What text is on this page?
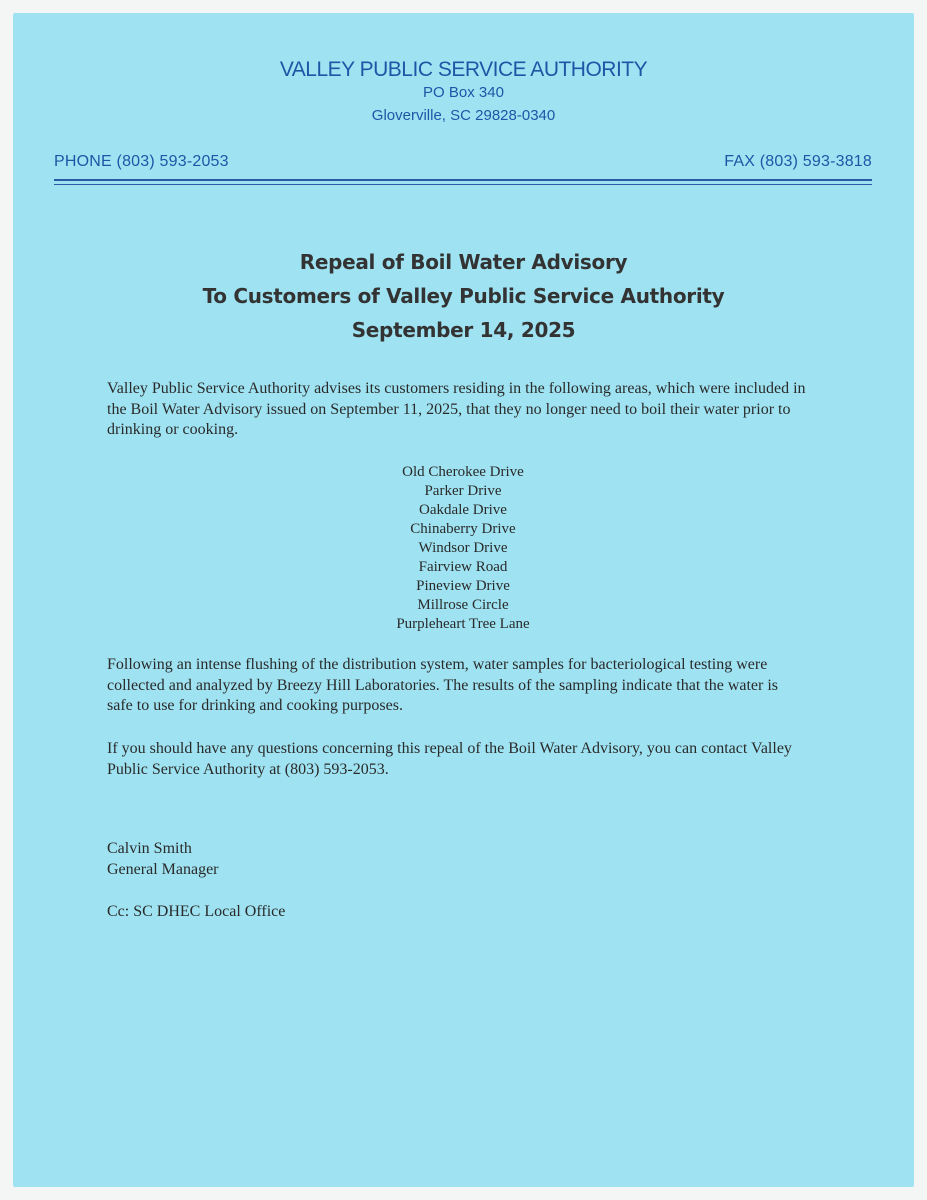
VALLEY PUBLIC SERVICE AUTHORITY
PO Box 340
Gloverville, SC 29828-0340
PHONE (803) 593-2053	FAX (803) 593-3818
Repeal of Boil Water Advisory
To Customers of Valley Public Service Authority
September 14, 2025

Valley Public Service Authority advises its customers residing in the following areas, which were included in the Boil Water Advisory issued on September 11, 2025, that they no longer need to boil their water prior to drinking or cooking.

Old Cherokee Drive
Parker Drive
Oakdale Drive
Chinaberry Drive
Windsor Drive
Fairview Road
Pineview Drive
Millrose Circle
Purpleheart Tree Lane

Following an intense flushing of the distribution system, water samples for bacteriological testing were collected and analyzed by Breezy Hill Laboratories. The results of the sampling indicate that the water is safe to use for drinking and cooking purposes.

If you should have any questions concerning this repeal of the Boil Water Advisory, you can contact Valley Public Service Authority at (803) 593-2053.

Calvin Smith
General Manager
Cc: SC DHEC Local Office
